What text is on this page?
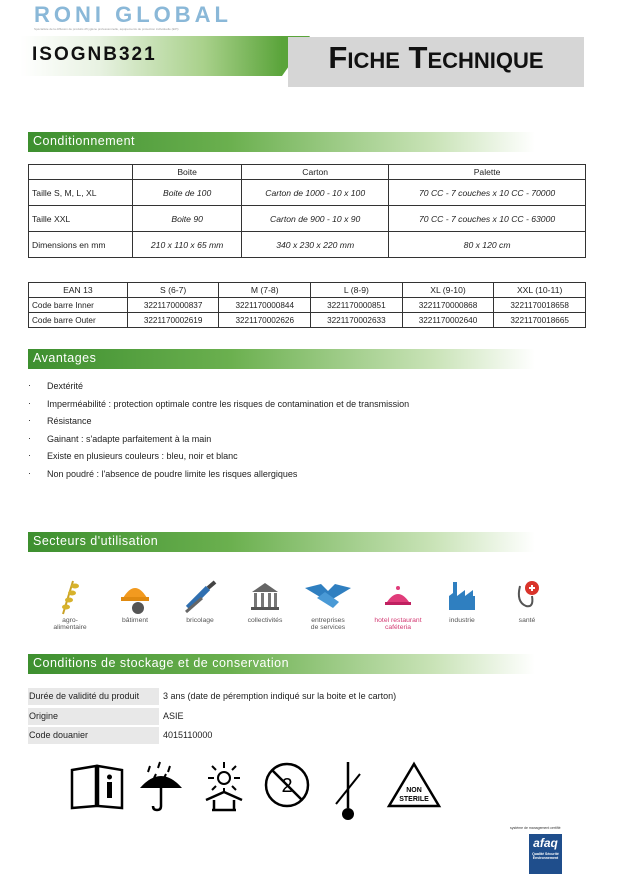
RONI GLOBAL
Spécialiste de la diffusion de produits d'hygiène professionnelle, équipements de protection individuelle (EPI)
ISOGNB321	Fiche Technique
Conditionnement
	Boite	Carton	Palette
Taille S, M, L, XL	Boite de 100	Carton de 1000 - 10 x 100	70 CC - 7 couches x 10 CC - 70000
Taille XXL	Boite 90	Carton de 900 - 10 x 90	70 CC - 7 couches x 10 CC - 63000
Dimensions en mm	210 x 110 x 65 mm	340 x 230 x 220 mm	80 x 120 cm
EAN 13	S (6-7)	M (7-8)	L (8-9)	XL (9-10)	XXL (10-11)
Code barre Inner	3221170000837	3221170000844	3221170000851	3221170000868	3221170018658
Code barre Outer	3221170002619	3221170002626	3221170002633	3221170002640	3221170018665
Avantages
· Dextérité
· Imperméabilité : protection optimale contre les risques de contamination et de transmission
· Résistance
· Gainant : s'adapte parfaitement à la main
· Existe en plusieurs couleurs : bleu, noir et blanc
· Non poudré : l'absence de poudre limite les risques allergiques
Secteurs d'utilisation
agro-
alimentaire
bâtiment	bricolage	collectivités	entreprises
de services
hotel restaurant
caféteria
industrie	santé
Conditions de stockage et de conservation
Durée de validité du produit	3 ans (date de péremption indiqué sur la boite et le carton)
Origine	ASIE
Code douanier	4015110000
2	NON
STERILE
système de management certifié
afaq
Qualité Sécurité Environnement
